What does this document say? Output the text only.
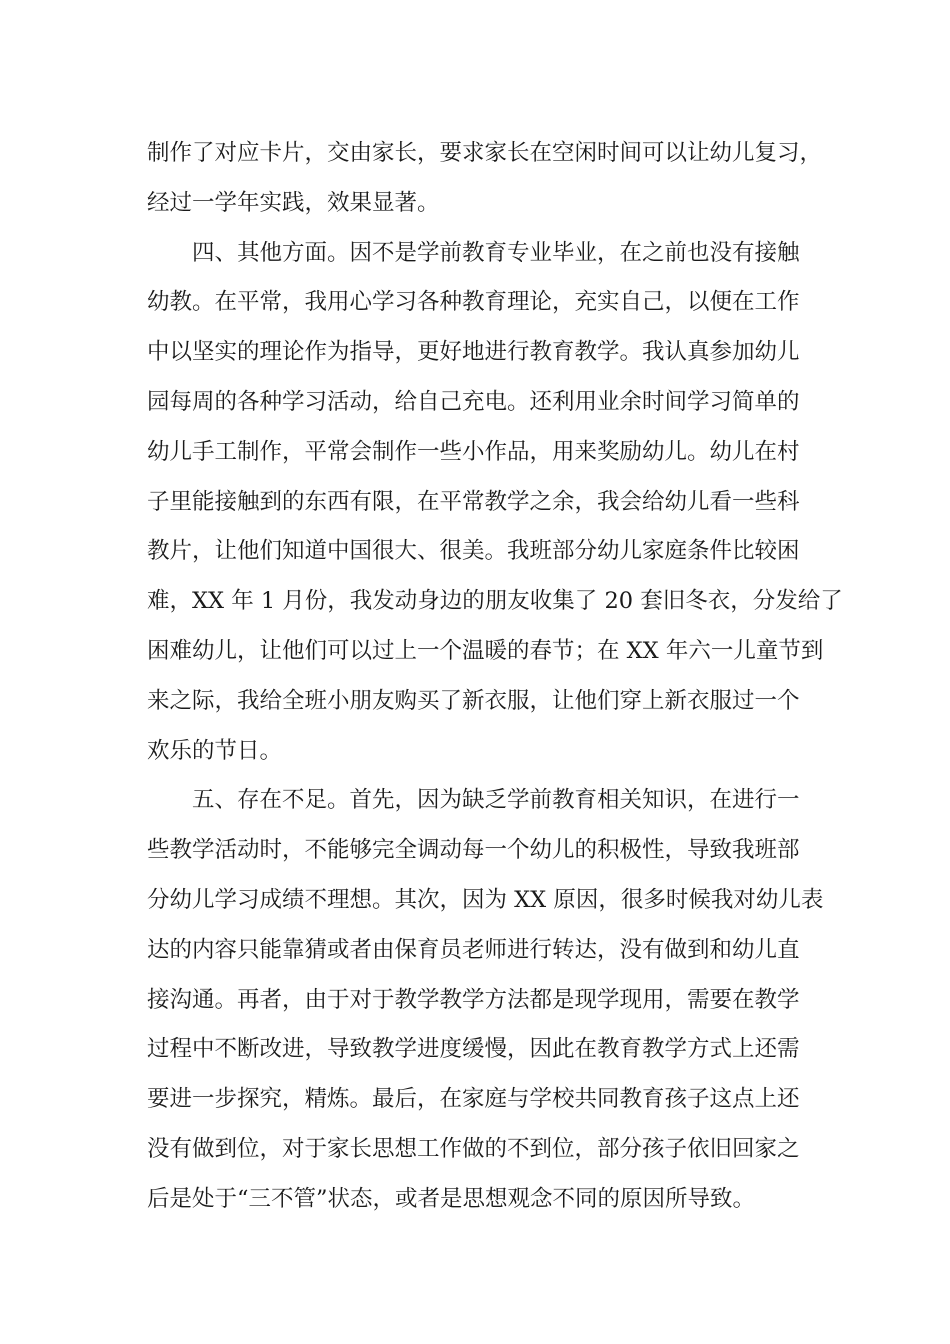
制作了对应卡片，交由家长，要求家长在空闲时间可以让幼儿复习，
经过一学年实践，效果显著。
四、其他方面。因不是学前教育专业毕业，在之前也没有接触
幼教。在平常，我用心学习各种教育理论，充实自己，以便在工作
中以坚实的理论作为指导，更好地进行教育教学。我认真参加幼儿
园每周的各种学习活动，给自己充电。还利用业余时间学习简单的
幼儿手工制作，平常会制作一些小作品，用来奖励幼儿。幼儿在村
子里能接触到的东西有限，在平常教学之余，我会给幼儿看一些科
教片，让他们知道中国很大、很美。我班部分幼儿家庭条件比较困
难，XX 年 1 月份，我发动身边的朋友收集了 20 套旧冬衣，分发给了
困难幼儿，让他们可以过上一个温暖的春节；在 XX 年六一儿童节到
来之际，我给全班小朋友购买了新衣服，让他们穿上新衣服过一个
欢乐的节日。
五、存在不足。首先，因为缺乏学前教育相关知识，在进行一
些教学活动时，不能够完全调动每一个幼儿的积极性，导致我班部
分幼儿学习成绩不理想。其次，因为 XX 原因，很多时候我对幼儿表
达的内容只能靠猜或者由保育员老师进行转达，没有做到和幼儿直
接沟通。再者，由于对于教学教学方法都是现学现用，需要在教学
过程中不断改进，导致教学进度缓慢，因此在教育教学方式上还需
要进一步探究，精炼。最后，在家庭与学校共同教育孩子这点上还
没有做到位，对于家长思想工作做的不到位，部分孩子依旧回家之
后是处于“三不管”状态，或者是思想观念不同的原因所导致。
